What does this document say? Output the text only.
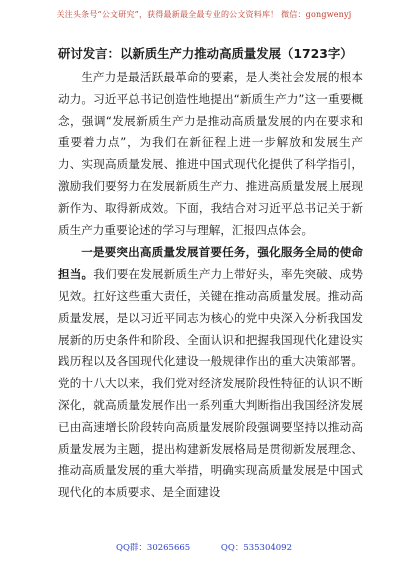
关注头条号“公文研究”，获得最新最全最专业的公文资料库！ 微信：gongwenyj

研讨发言：以新质生产力推动高质量发展（1723字）

生产力是最活跃最革命的要素，是人类社会发展的根本动力。习近平总书记创造性地提出“新质生产力”这一重要概念，强调“发展新质生产力是推动高质量发展的内在要求和重要着力点”，为我们在新征程上进一步解放和发展生产力、实现高质量发展、推进中国式现代化提供了科学指引，激励我们要努力在发展新质生产力、推进高质量发展上展现新作为、取得新成效。下面，我结合对习近平总书记关于新质生产力重要论述的学习与理解，汇报四点体会。

一是要突出高质量发展首要任务，强化服务全局的使命担当。我们要在发展新质生产力上带好头，率先突破、成势见效。扛好这些重大责任，关键在推动高质量发展。推动高质量发展，是以习近平同志为核心的党中央深入分析我国发展新的历史条件和阶段、全面认识和把握我国现代化建设实践历程以及各国现代化建设一般规律作出的重大决策部署。党的十八大以来，我们党对经济发展阶段性特征的认识不断深化，就高质量发展作出一系列重大判断指出我国经济发展已由高速增长阶段转向高质量发展阶段强调要坚持以推动高质量发展为主题，提出构建新发展格局是贯彻新发展理念、推动高质量发展的重大举措，明确实现高质量发展是中国式现代化的本质要求、是全面建设

QQ群：30265665	QQ：535304092
